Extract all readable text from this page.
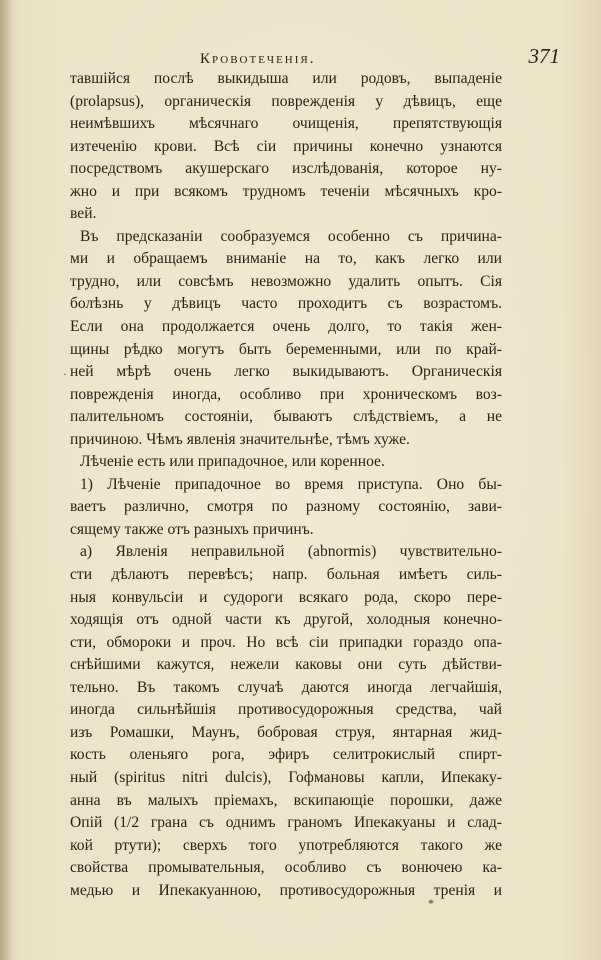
Кровотеченія.	371
тавшійся послѣ выкидыша или родовъ, выпаденіе
(prolapsus), органическія поврежденія у дѣвицъ, еще
неимѣвшихъ мѣсячнаго очищенія, препятствующія
изтеченію крови. Всѣ сіи причины конечно узнаются
посредствомъ акушерскаго изслѣдованія, которое ну-
жно и при всякомъ трудномъ теченіи мѣсячныхъ кро-
вей.
Въ предсказаніи сообразуемся особенно съ причина-
ми и обращаемъ вниманіе на то, какъ легко или
трудно, или совсѣмъ невозможно удалить опытъ. Сія
болѣзнь у дѣвицъ часто проходитъ съ возрастомъ.
Если она продолжается очень долго, то такія жен-
щины рѣдко могутъ быть беременными, или по край-
ней мѣрѣ очень легко выкидываютъ. Органическія
поврежденія иногда, особливо при хроническомъ воз-
палительномъ состояніи, бываютъ слѣдствіемъ, а не
причиною. Чѣмъ явленія значительнѣе, тѣмъ хуже.
Лѣченіе есть или припадочное, или коренное.
1) Лѣченіе припадочное во время приступа. Оно бы-
ваетъ различно, смотря по разному состоянію, зави-
сящему также отъ разныхъ причинъ.
а) Явленія неправильной (abnormis) чувствительно-
сти дѣлаютъ перевѣсъ; напр. больная имѣетъ силь-
ныя конвульсіи и судороги всякаго рода, скоро пере-
ходящія отъ одной части къ другой, холодныя конечно-
сти, обмороки и проч. Но всѣ сіи припадки гораздо опа-
снѣйшими кажутся, нежели каковы они суть дѣйстви-
тельно. Въ такомъ случаѣ даются иногда легчайшія,
иногда сильнѣйшія противосудорожныя средства, чай
изъ Ромашки, Маунъ, бобровая струя, янтарная жид-
кость оленьяго рога, эфиръ селитрокислый спирт-
ный (spiritus nitri dulcis), Гофмановы капли, Ипекаку-
анна въ малыхъ пріемахъ, вскипающіе порошки, даже
Опій (1/2 грана съ однимъ граномъ Ипекакуаны и слад-
кой ртути); сверхъ того употребляются такого же
свойства промывательныя, особливо съ вонючею ка-
медью и Ипекакуанною, противосудорожныя тренія и
·
*
